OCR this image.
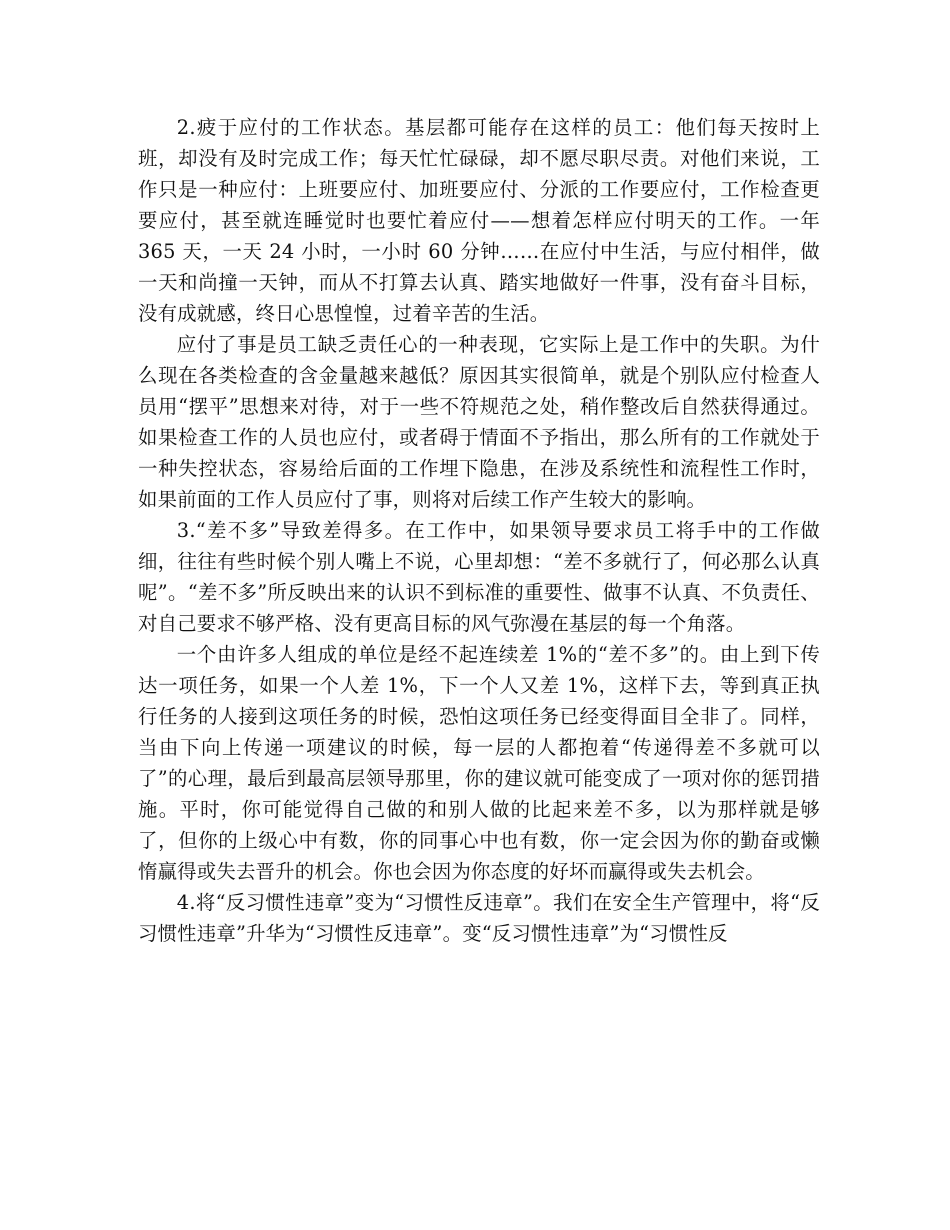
2.疲于应付的工作状态。基层都可能存在这样的员工：他们每天按时上班，却没有及时完成工作；每天忙忙碌碌，却不愿尽职尽责。对他们来说，工作只是一种应付：上班要应付、加班要应付、分派的工作要应付，工作检查更要应付，甚至就连睡觉时也要忙着应付——想着怎样应付明天的工作。一年 365 天，一天 24 小时，一小时 60 分钟……在应付中生活，与应付相伴，做一天和尚撞一天钟，而从不打算去认真、踏实地做好一件事，没有奋斗目标，没有成就感，终日心思惶惶，过着辛苦的生活。

应付了事是员工缺乏责任心的一种表现，它实际上是工作中的失职。为什么现在各类检查的含金量越来越低？原因其实很简单，就是个别队应付检查人员用“摆平”思想来对待，对于一些不符规范之处，稍作整改后自然获得通过。如果检查工作的人员也应付，或者碍于情面不予指出，那么所有的工作就处于一种失控状态，容易给后面的工作埋下隐患，在涉及系统性和流程性工作时，如果前面的工作人员应付了事，则将对后续工作产生较大的影响。

3.“差不多”导致差得多。在工作中，如果领导要求员工将手中的工作做细，往往有些时候个别人嘴上不说，心里却想：“差不多就行了，何必那么认真呢”。“差不多”所反映出来的认识不到标准的重要性、做事不认真、不负责任、对自己要求不够严格、没有更高目标的风气弥漫在基层的每一个角落。

一个由许多人组成的单位是经不起连续差 1%的“差不多”的。由上到下传达一项任务，如果一个人差 1%，下一个人又差 1%，这样下去，等到真正执行任务的人接到这项任务的时候，恐怕这项任务已经变得面目全非了。同样，当由下向上传递一项建议的时候，每一层的人都抱着“传递得差不多就可以了”的心理，最后到最高层领导那里，你的建议就可能变成了一项对你的惩罚措施。平时，你可能觉得自己做的和别人做的比起来差不多，以为那样就是够了，但你的上级心中有数，你的同事心中也有数，你一定会因为你的勤奋或懒惰赢得或失去晋升的机会。你也会因为你态度的好坏而赢得或失去机会。

4.将“反习惯性违章”变为“习惯性反违章”。我们在安全生产管理中，将“反习惯性违章”升华为“习惯性反违章”。变“反习惯性违章”为“习惯性反
